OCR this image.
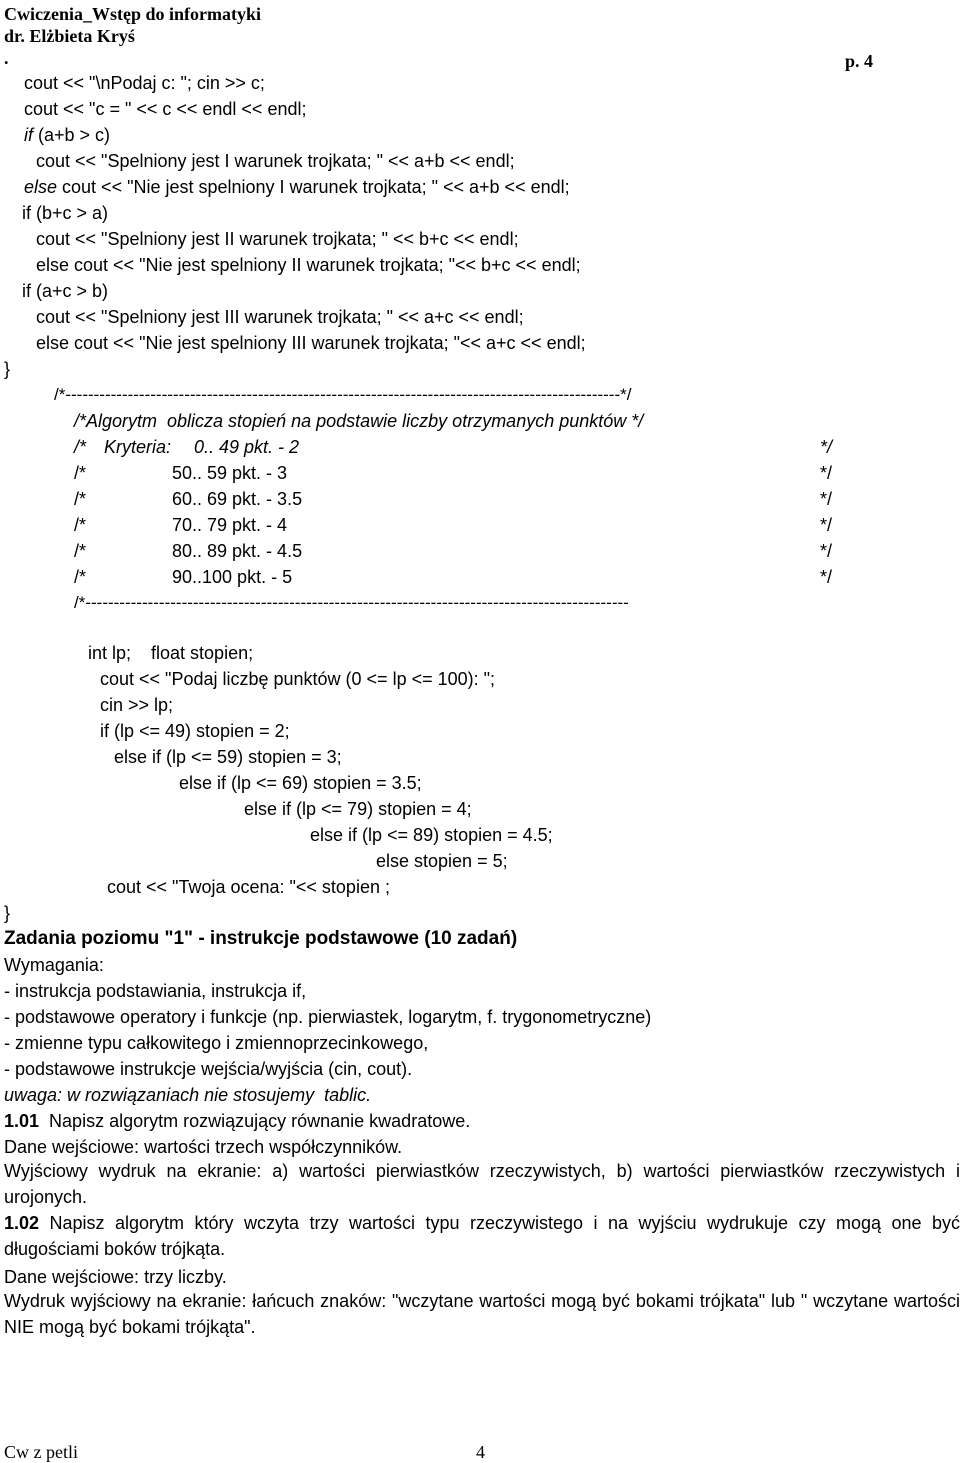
Cwiczenia_Wstęp do informatyki
dr. Elżbieta Kryś
.	p. 4
cout << "\nPodaj c: "; cin >> c;
cout << "c = " << c << endl << endl;
if (a+b > c)
cout << "Spelniony jest I warunek trojkata; " << a+b << endl;
else cout << "Nie jest spelniony I warunek trojkata; " << a+b << endl;
if (b+c > a)
cout << "Spelniony jest II warunek trojkata; " << b+c << endl;
else cout << "Nie jest spelniony II warunek trojkata; "<< b+c << endl;
if (a+c > b)
cout << "Spelniony jest III warunek trojkata; " << a+c << endl;
else cout << "Nie jest spelniony III warunek trojkata; "<< a+c << endl;
}
/*--------------------------------------------------------------------------------------------------*/
/*Algorytm  oblicza stopień na podstawie liczby otrzymanych punktów */
/* Kryteria: 0.. 49 pkt. - 2	*/
/*	50.. 59 pkt. - 3	*/
/*	60.. 69 pkt. - 3.5	*/
/*	70.. 79 pkt. - 4	*/
/*	80.. 89 pkt. - 4.5	*/
/*	90..100 pkt. - 5	*/
/*------------------------------------------------------------------------------------------------
int lp;    float stopien;
cout << "Podaj liczbę punktów (0 <= lp <= 100): ";
cin >> lp;
if (lp <= 49) stopien = 2;
else if (lp <= 59) stopien = 3;
else if (lp <= 69) stopien = 3.5;
else if (lp <= 79) stopien = 4;
else if (lp <= 89) stopien = 4.5;
else stopien = 5;
cout << "Twoja ocena: "<< stopien ;
}
Zadania poziomu "1" - instrukcje podstawowe (10 zadań)
Wymagania:
- instrukcja podstawiania, instrukcja if,
- podstawowe operatory i funkcje (np. pierwiastek, logarytm, f. trygonometryczne)
- zmienne typu całkowitego i zmiennoprzecinkowego,
- podstawowe instrukcje wejścia/wyjścia (cin, cout).
uwaga: w rozwiązaniach nie stosujemy  tablic.
1.01  Napisz algorytm rozwiązujący równanie kwadratowe.
Dane wejściowe: wartości trzech współczynników.
Wyjściowy wydruk na ekranie: a) wartości pierwiastków rzeczywistych, b) wartości pierwiastków rzeczywistych i urojonych.
1.02 Napisz algorytm który wczyta trzy wartości typu rzeczywistego i na wyjściu wydrukuje czy mogą one być długościami boków trójkąta.
Dane wejściowe: trzy liczby.
Wydruk wyjściowy na ekranie: łańcuch znaków: "wczytane wartości mogą być bokami trójkata" lub " wczytane wartości NIE mogą być bokami trójkąta".
Cw z petli	4
